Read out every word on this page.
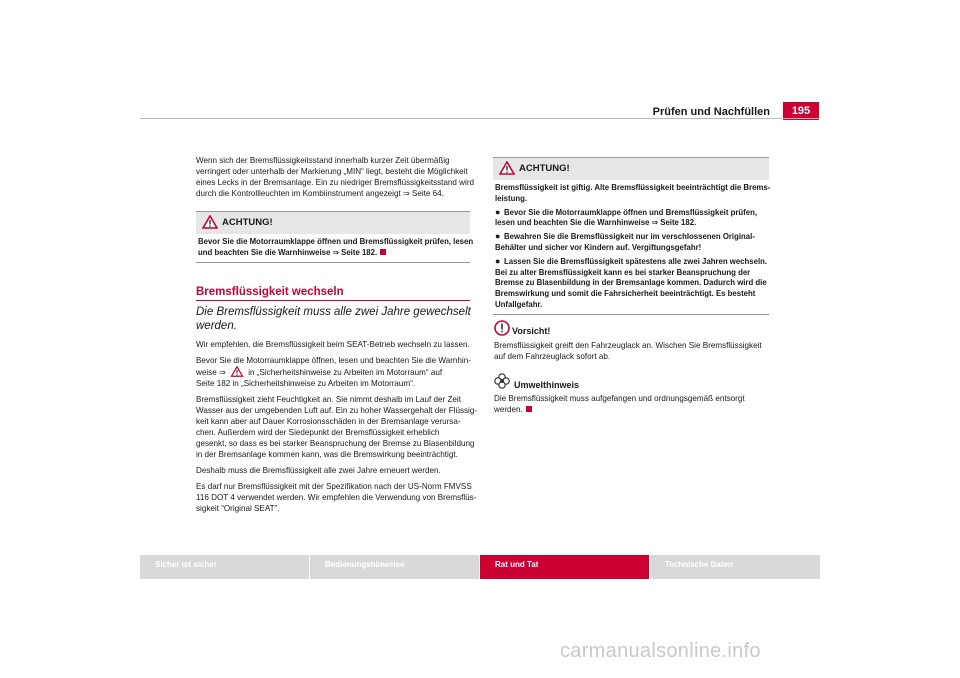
Prüfen und Nachfüllen	195
Wenn sich der Bremsflüssigkeitsstand innerhalb kurzer Zeit übermäßig
verringert oder unterhalb der Markierung „MIN“ liegt, besteht die Möglichkeit
eines Lecks in der Bremsanlage. Ein zu niedriger Bremsflüssigkeitsstand wird
durch die Kontrollleuchten im Kombiinstrument angezeigt ⇒ Seite 64.
ACHTUNG!
Bevor Sie die Motorraumklappe öffnen und Bremsflüssigkeit prüfen, lesen
und beachten Sie die Warnhinweise ⇒ Seite 182.
Bremsflüssigkeit wechseln
Die Bremsflüssigkeit muss alle zwei Jahre gewechselt
werden.
Wir empfehlen, die Bremsflüssigkeit beim SEAT-Betrieb wechseln zu lassen.
Bevor Sie die Motorraumklappe öffnen, lesen und beachten Sie die Warnhin-
weise ⇒	in „Sicherheitshinweise zu Arbeiten im Motorraum“ auf
Seite 182 in „Sicherheitshinweise zu Arbeiten im Motorraum“.
Bremsflüssigkeit zieht Feuchtigkeit an. Sie nimmt deshalb im Lauf der Zeit
Wasser aus der umgebenden Luft auf. Ein zu hoher Wassergehalt der Flüssig-
keit kann aber auf Dauer Korrosionsschäden in der Bremsanlage verursa-
chen. Außerdem wird der Siedepunkt der Bremsflüssigkeit erheblich
gesenkt, so dass es bei starker Beanspruchung der Bremse zu Blasenbildung
in der Bremsanlage kommen kann, was die Bremswirkung beeinträchtigt.
Deshalb muss die Bremsflüssigkeit alle zwei Jahre erneuert werden.
Es darf nur Bremsflüssigkeit mit der Spezifikation nach der US-Norm FMVSS
116 DOT 4 verwendet werden. Wir empfehlen die Verwendung von Bremsflüs-
sigkeit “Original SEAT”.
ACHTUNG!
Bremsflüssigkeit ist giftig. Alte Bremsflüssigkeit beeinträchtigt die Brems-
leistung.
● Bevor Sie die Motorraumklappe öffnen und Bremsflüssigkeit prüfen,
lesen und beachten Sie die Warnhinweise ⇒ Seite 182.
● Bewahren Sie die Bremsflüssigkeit nur im verschlossenen Original-
Behälter und sicher vor Kindern auf. Vergiftungsgefahr!
● Lassen Sie die Bremsflüssigkeit spätestens alle zwei Jahren wechseln.
Bei zu alter Bremsflüssigkeit kann es bei starker Beanspruchung der
Bremse zu Blasenbildung in der Bremsanlage kommen. Dadurch wird die
Bremswirkung und somit die Fahrsicherheit beeinträchtigt. Es besteht
Unfallgefahr.
Vorsicht!
Bremsflüssigkeit greift den Fahrzeuglack an. Wischen Sie Bremsflüssigkeit
auf dem Fahrzeuglack sofort ab.
Umwelthinweis
Die Bremsflüssigkeit muss aufgefangen und ordnungsgemäß entsorgt
werden.
Sicher ist sicher	Bedienungshinweise	Rat und Tat	Technische Daten
carmanualsonline.info
